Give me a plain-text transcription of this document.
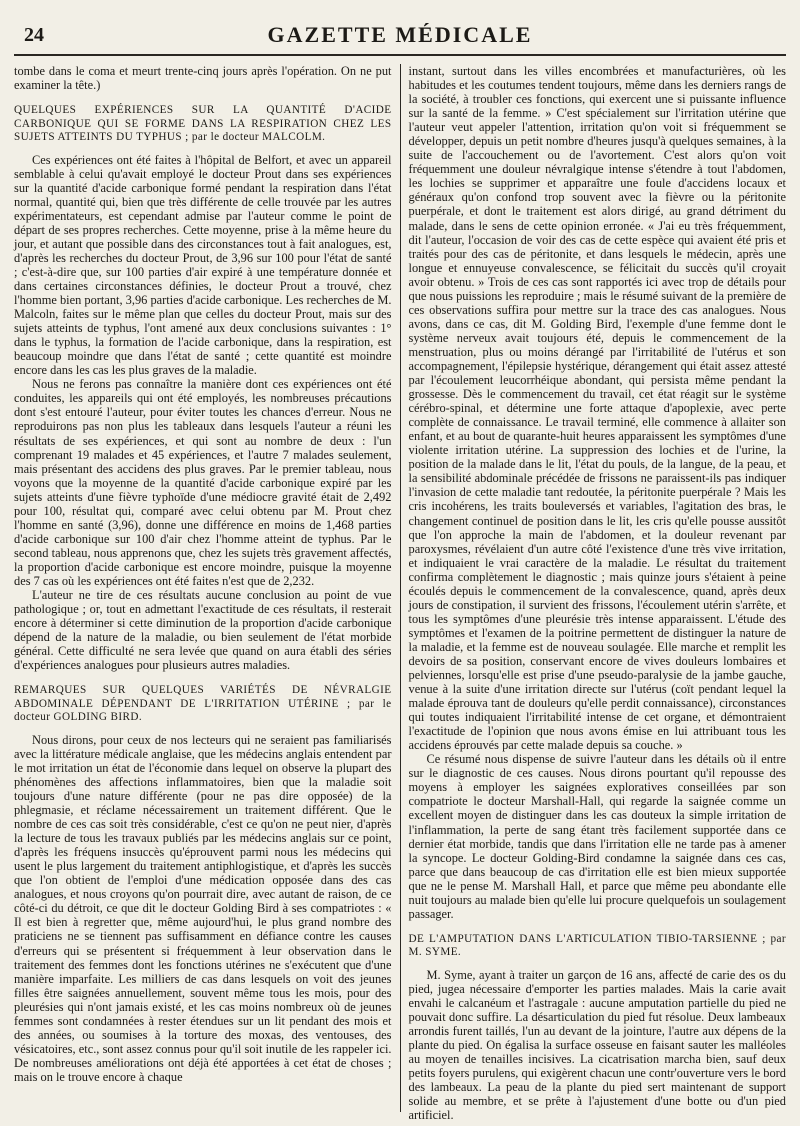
24	GAZETTE MÉDICALE

tombe dans le coma et meurt trente-cinq jours après l'opération. On ne put examiner la tête.)

QUELQUES EXPÉRIENCES SUR LA QUANTITÉ D'ACIDE CARBONIQUE QUI SE FORME DANS LA RESPIRATION CHEZ LES SUJETS ATTEINTS DU TYPHUS ; par le docteur MALCOLM.

Ces expériences ont été faites à l'hôpital de Belfort, et avec un appareil semblable à celui qu'avait employé le docteur Prout dans ses expériences sur la quantité d'acide carbonique formé pendant la respiration dans l'état normal, quantité qui, bien que très différente de celle trouvée par les autres expérimentateurs, est cependant admise par l'auteur comme le point de départ de ses propres recherches. Cette moyenne, prise à la même heure du jour, et autant que possible dans des circonstances tout à fait analogues, est, d'après les recherches du docteur Prout, de 3,96 sur 100 pour l'état de santé ; c'est-à-dire que, sur 100 parties d'air expiré à une température donnée et dans certaines circonstances définies, le docteur Prout a trouvé, chez l'homme bien portant, 3,96 parties d'acide carbonique. Les recherches de M. Malcoln, faites sur le même plan que celles du docteur Prout, mais sur des sujets atteints de typhus, l'ont amené aux deux conclusions suivantes : 1° dans le typhus, la formation de l'acide carbonique, dans la respiration, est beaucoup moindre que dans l'état de santé ; cette quantité est moindre encore dans les cas les plus graves de la maladie.

Nous ne ferons pas connaître la manière dont ces expériences ont été conduites, les appareils qui ont été employés, les nombreuses précautions dont s'est entouré l'auteur, pour éviter toutes les chances d'erreur. Nous ne reproduirons pas non plus les tableaux dans lesquels l'auteur a réuni les résultats de ses expériences, et qui sont au nombre de deux : l'un comprenant 19 malades et 45 expériences, et l'autre 7 malades seulement, mais présentant des accidens des plus graves. Par le premier tableau, nous voyons que la moyenne de la quantité d'acide carbonique expiré par les sujets atteints d'une fièvre typhoïde d'une médiocre gravité était de 2,492 pour 100, résultat qui, comparé avec celui obtenu par M. Prout chez l'homme en santé (3,96), donne une différence en moins de 1,468 parties d'acide carbonique sur 100 d'air chez l'homme atteint de typhus. Par le second tableau, nous apprenons que, chez les sujets très gravement affectés, la proportion d'acide carbonique est encore moindre, puisque la moyenne des 7 cas où les expériences ont été faites n'est que de 2,232.

L'auteur ne tire de ces résultats aucune conclusion au point de vue pathologique ; or, tout en admettant l'exactitude de ces résultats, il resterait encore à déterminer si cette diminution de la proportion d'acide carbonique dépend de la nature de la maladie, ou bien seulement de l'état morbide général. Cette difficulté ne sera levée que quand on aura établi des séries d'expériences analogues pour plusieurs autres maladies.

REMARQUES SUR QUELQUES VARIÉTÉS DE NÉVRALGIE ABDOMINALE DÉPENDANT DE L'IRRITATION UTÉRINE ; par le docteur GOLDING BIRD.

Nous dirons, pour ceux de nos lecteurs qui ne seraient pas familiarisés avec la littérature médicale anglaise, que les médecins anglais entendent par le mot irritation un état de l'économie dans lequel on observe la plupart des phénomènes des affections inflammatoires, bien que la maladie soit toujours d'une nature différente (pour ne pas dire opposée) de la phlegmasie, et réclame nécessairement un traitement différent. Que le nombre de ces cas soit très considérable, c'est ce qu'on ne peut nier, d'après la lecture de tous les travaux publiés par les médecins anglais sur ce point, d'après les fréquens insuccès qu'éprouvent parmi nous les médecins qui usent le plus largement du traitement antiphlogistique, et d'après les succès que l'on obtient de l'emploi d'une médication opposée dans des cas analogues, et nous croyons qu'on pourrait dire, avec autant de raison, de ce côté-ci du détroit, ce que dit le docteur Golding Bird à ses compatriotes : « Il est bien à regretter que, même aujourd'hui, le plus grand nombre des praticiens ne se tiennent pas suffisamment en défiance contre les causes d'erreurs qui se présentent si fréquemment à leur observation dans le traitement des femmes dont les fonctions utérines ne s'exécutent que d'une manière imparfaite. Les milliers de cas dans lesquels on voit des jeunes filles être saignées annuellement, souvent même tous les mois, pour des pleurésies qui n'ont jamais existé, et les cas moins nombreux où de jeunes femmes sont condamnées à rester étendues sur un lit pendant des mois et des années, ou soumises à la torture des moxas, des ventouses, des vésicatoires, etc., sont assez connus pour qu'il soit inutile de les rappeler ici. De nombreuses améliorations ont déjà été apportées à cet état de choses ; mais on le trouve encore à chaque

instant, surtout dans les villes encombrées et manufacturières, où les habitudes et les coutumes tendent toujours, même dans les derniers rangs de la société, à troubler ces fonctions, qui exercent une si puissante influence sur la santé de la femme. » C'est spécialement sur l'irritation utérine que l'auteur veut appeler l'attention, irritation qu'on voit si fréquemment se développer, depuis un petit nombre d'heures jusqu'à quelques semaines, à la suite de l'accouchement ou de l'avortement. C'est alors qu'on voit fréquemment une douleur névralgique intense s'étendre à tout l'abdomen, les lochies se supprimer et apparaître une foule d'accidens locaux et généraux qu'on confond trop souvent avec la fièvre ou la péritonite puerpérale, et dont le traitement est alors dirigé, au grand détriment du malade, dans le sens de cette opinion erronée. « J'ai eu très fréquemment, dit l'auteur, l'occasion de voir des cas de cette espèce qui avaient été pris et traités pour des cas de péritonite, et dans lesquels le médecin, après une longue et ennuyeuse convalescence, se félicitait du succès qu'il croyait avoir obtenu. » Trois de ces cas sont rapportés ici avec trop de détails pour que nous puissions les reproduire ; mais le résumé suivant de la première de ces observations suffira pour mettre sur la trace des cas analogues. Nous avons, dans ce cas, dit M. Golding Bird, l'exemple d'une femme dont le système nerveux avait toujours été, depuis le commencement de la menstruation, plus ou moins dérangé par l'irritabilité de l'utérus et son accompagnement, l'épilepsie hystérique, dérangement qui était assez attesté par l'écoulement leucorrhéique abondant, qui persista même pendant la grossesse. Dès le commencement du travail, cet état réagit sur le système cérébro-spinal, et détermine une forte attaque d'apoplexie, avec perte complète de connaissance. Le travail terminé, elle commence à allaiter son enfant, et au bout de quarante-huit heures apparaissent les symptômes d'une violente irritation utérine. La suppression des lochies et de l'urine, la position de la malade dans le lit, l'état du pouls, de la langue, de la peau, et la sensibilité abdominale précédée de frissons ne paraissent-ils pas indiquer l'invasion de cette maladie tant redoutée, la péritonite puerpérale ? Mais les cris incohérens, les traits bouleversés et variables, l'agitation des bras, le changement continuel de position dans le lit, les cris qu'elle pousse aussitôt que l'on approche la main de l'abdomen, et la douleur revenant par paroxysmes, révélaient d'un autre côté l'existence d'une très vive irritation, et indiquaient le vrai caractère de la maladie. Le résultat du traitement confirma complètement le diagnostic ; mais quinze jours s'étaient à peine écoulés depuis le commencement de la convalescence, quand, après deux jours de constipation, il survient des frissons, l'écoulement utérin s'arrête, et tous les symptômes d'une pleurésie très intense apparaissent. L'étude des symptômes et l'examen de la poitrine permettent de distinguer la nature de la maladie, et la femme est de nouveau soulagée. Elle marche et remplit les devoirs de sa position, conservant encore de vives douleurs lombaires et pelviennes, lorsqu'elle est prise d'une pseudo-paralysie de la jambe gauche, venue à la suite d'une irritation directe sur l'utérus (coït pendant lequel la malade éprouva tant de douleurs qu'elle perdit connaissance), circonstances qui toutes indiquaient l'irritabilité intense de cet organe, et démontraient l'exactitude de l'opinion que nous avons émise en lui attribuant tous les accidens éprouvés par cette malade depuis sa couche. »

Ce résumé nous dispense de suivre l'auteur dans les détails où il entre sur le diagnostic de ces causes. Nous dirons pourtant qu'il repousse des moyens à employer les saignées exploratives conseillées par son compatriote le docteur Marshall-Hall, qui regarde la saignée comme un excellent moyen de distinguer dans les cas douteux la simple irritation de l'inflammation, la perte de sang étant très facilement supportée dans ce dernier état morbide, tandis que dans l'irritation elle ne tarde pas à amener la syncope. Le docteur Golding-Bird condamne la saignée dans ces cas, parce que dans beaucoup de cas d'irritation elle est bien mieux supportée que ne le pense M. Marshall Hall, et parce que même peu abondante elle nuit toujours au malade bien qu'elle lui procure quelquefois un soulagement passager.

DE L'AMPUTATION DANS L'ARTICULATION TIBIO-TARSIENNE ; par M. SYME.

M. Syme, ayant à traiter un garçon de 16 ans, affecté de carie des os du pied, jugea nécessaire d'emporter les parties malades. Mais la carie avait envahi le calcanéum et l'astragale : aucune amputation partielle du pied ne pouvait donc suffire. La désarticulation du pied fut résolue. Deux lambeaux arrondis furent taillés, l'un au devant de la jointure, l'autre aux dépens de la plante du pied. On égalisa la surface osseuse en faisant sauter les malléoles au moyen de tenailles incisives. La cicatrisation marcha bien, sauf deux petits foyers purulens, qui exigèrent chacun une contr'ouverture vers le bord des lambeaux. La peau de la plante du pied sert maintenant de support solide au membre, et se prête à l'ajustement d'une botte ou d'un pied artificiel.
